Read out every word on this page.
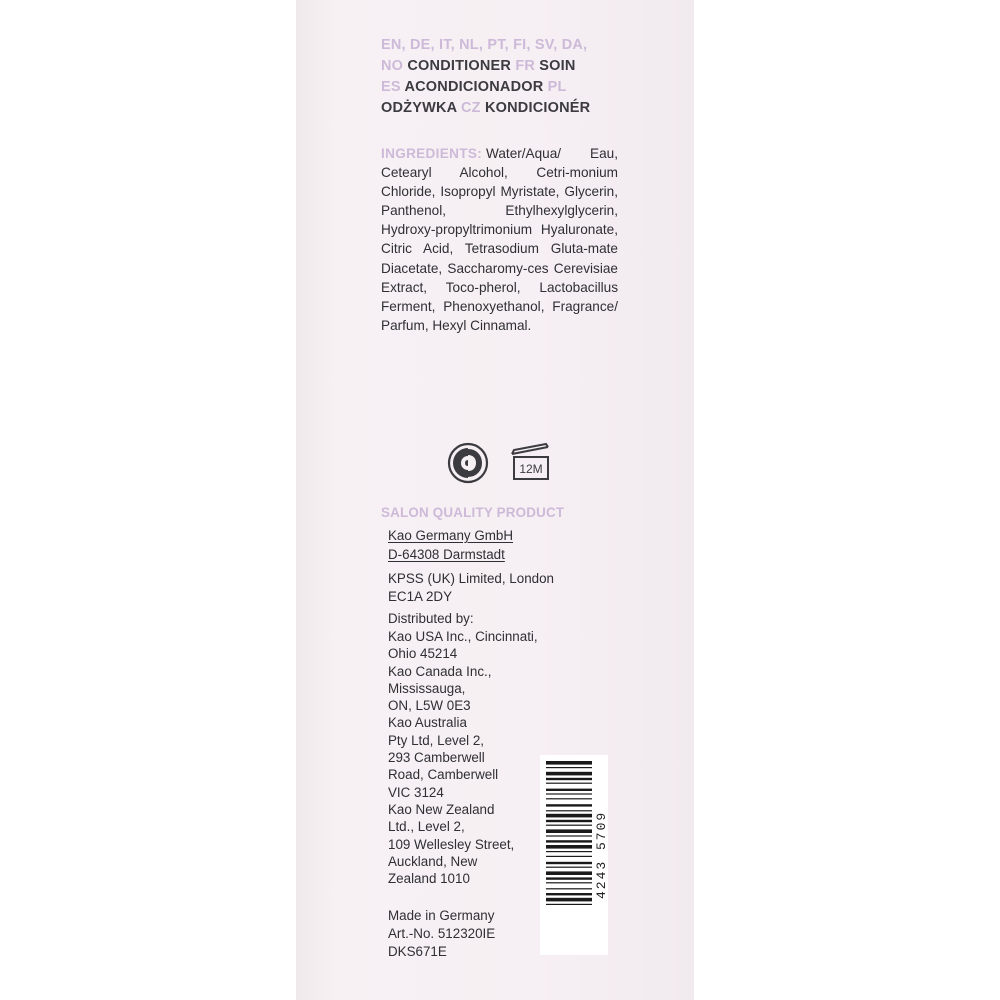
EN, DE, IT, NL, PT, FI, SV, DA,
NO CONDITIONER FR SOIN
ES ACONDICIONADOR PL
ODŻYWKA CZ KONDICIONÉR
INGREDIENTS: Water/Aqua/ Eau, Cetearyl Alcohol, Cetri-monium Chloride, Isopropyl Myristate, Glycerin, Panthenol, Ethylhexylglycerin, Hydroxy-propyltrimonium Hyaluronate, Citric Acid, Tetrasodium Gluta-mate Diacetate, Saccharomy-ces Cerevisiae Extract, Toco-pherol, Lactobacillus Ferment, Phenoxyethanol, Fragrance/ Parfum, Hexyl Cinnamal.
12M
SALON QUALITY PRODUCT
Kao Germany GmbH
D-64308 Darmstadt
KPSS (UK) Limited, London
EC1A 2DY
Distributed by:
Kao USA Inc., Cincinnati,
Ohio 45214
Kao Canada Inc.,
Mississauga,
ON, L5W 0E3
Kao Australia
Pty Ltd, Level 2,
293 Camberwell
Road, Camberwell
VIC 3124
Kao New Zealand
Ltd., Level 2,
109 Wellesley Street,
Auckland, New
Zealand 1010
Made in Germany
Art.-No. 512320IE
DKS671E
4243 5709
